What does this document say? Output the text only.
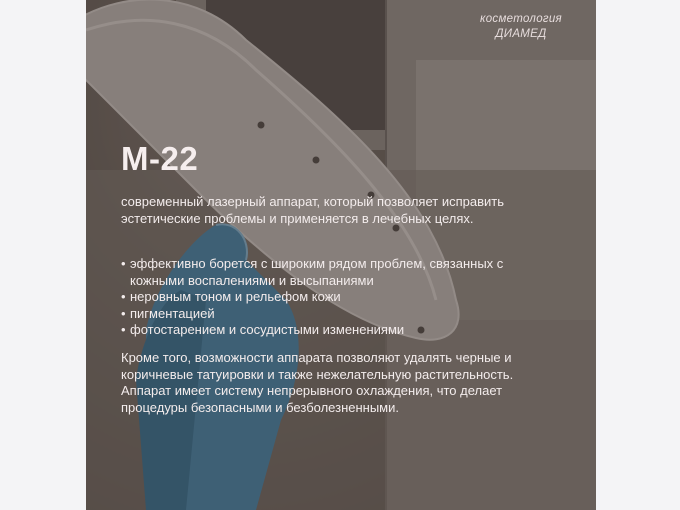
косметология
ДИАМЕД
M-22
современный лазерный аппарат, который позволяет исправить эстетические проблемы и применяется в лечебных целях.
• эффективно борется с широким рядом проблем, связанных с кожными воспалениями и высыпаниями
• неровным тоном и рельефом кожи
• пигментацией
• фотостарением и сосудистыми изменениями
Кроме того, возможности аппарата позволяют удалять черные и коричневые татуировки и также нежелательную растительность. Аппарат имеет систему непрерывного охлаждения, что делает процедуры безопасными и безболезненными.
